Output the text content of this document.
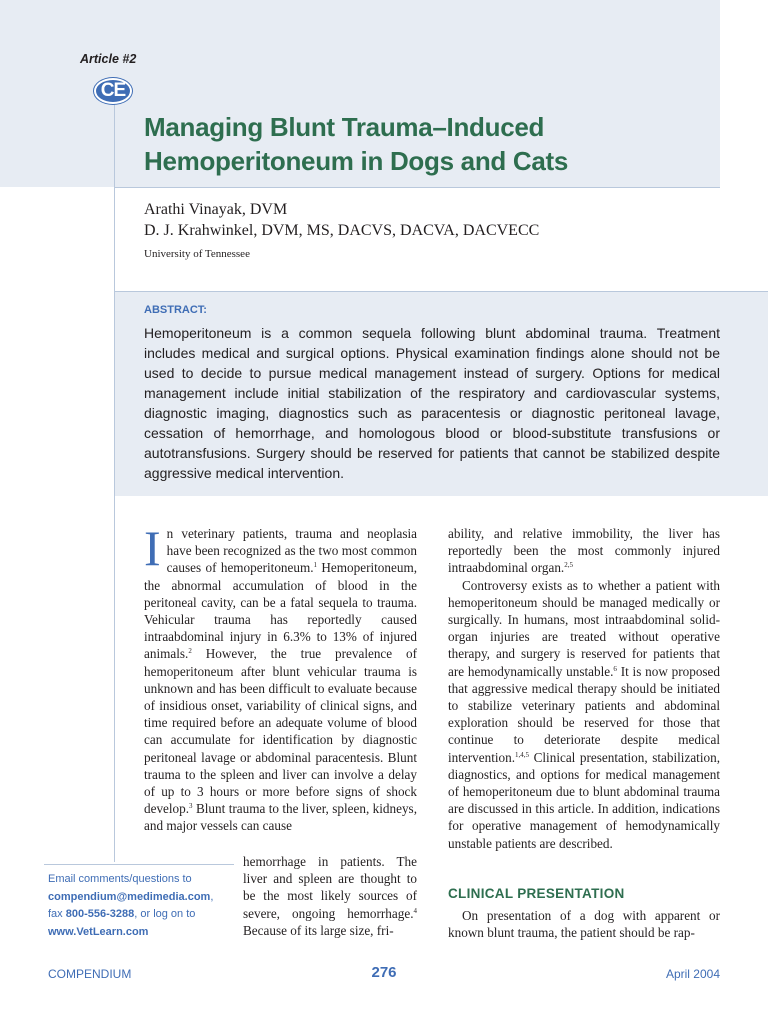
Article #2
CE
Managing Blunt Trauma–Induced
Hemoperitoneum in Dogs and Cats
Arathi Vinayak, DVM
D. J. Krahwinkel, DVM, MS, DACVS, DACVA, DACVECC
University of Tennessee
ABSTRACT:

Hemoperitoneum is a common sequela following blunt abdominal trauma. Treatment includes medical and surgical options. Physical examination findings alone should not be used to decide to pursue medical management instead of surgery. Options for medical management include initial stabilization of the respiratory and cardiovascular systems, diagnostic imaging, diagnostics such as paracentesis or diagnostic peritoneal lavage, cessation of hemorrhage, and homologous blood or blood-substitute transfusions or autotransfusions. Surgery should be reserved for patients that cannot be stabilized despite aggressive medical intervention.

In veterinary patients, trauma and neoplasia have been recognized as the two most common causes of hemoperitoneum.$^1$ Hemoperitoneum, the abnormal accumulation of blood in the peritoneal cavity, can be a fatal sequela to trauma. Vehicular trauma has reportedly caused intraabdominal injury in 6.3% to 13% of injured animals.$^2$ However, the true prevalence of hemoperitoneum after blunt vehicular trauma is unknown and has been difficult to evaluate because of insidious onset, variability of clinical signs, and time required before an adequate volume of blood can accumulate for identification by diagnostic peritoneal lavage or abdominal paracentesis. Blunt trauma to the spleen and liver can involve a delay of up to 3 hours or more before signs of shock develop.$^3$ Blunt trauma to the liver, spleen, kidneys, and major vessels can cause

hemorrhage in patients. The liver and spleen are thought to be the most likely sources of severe, ongoing hemorrhage.$^4$ Because of its large size, fri-

ability, and relative immobility, the liver has reportedly been the most commonly injured intraabdominal organ.$^{2,5}$

Controversy exists as to whether a patient with hemoperitoneum should be managed medically or surgically. In humans, most intraabdominal solid-organ injuries are treated without operative therapy, and surgery is reserved for patients that are hemodynamically unstable.$^6$ It is now proposed that aggressive medical therapy should be initiated to stabilize veterinary patients and abdominal exploration should be reserved for those that continue to deteriorate despite medical intervention.$^{1,4,5}$ Clinical presentation, stabilization, diagnostics, and options for medical management of hemoperitoneum due to blunt abdominal trauma are discussed in this article. In addition, indications for operative management of hemodynamically unstable patients are described.

CLINICAL PRESENTATION

On presentation of a dog with apparent or known blunt trauma, the patient should be rap-

Email comments/questions to
compendium@medimedia.com,
fax 800-556-3288, or log on to
www.VetLearn.com
COMPENDIUM	276	April 2004
